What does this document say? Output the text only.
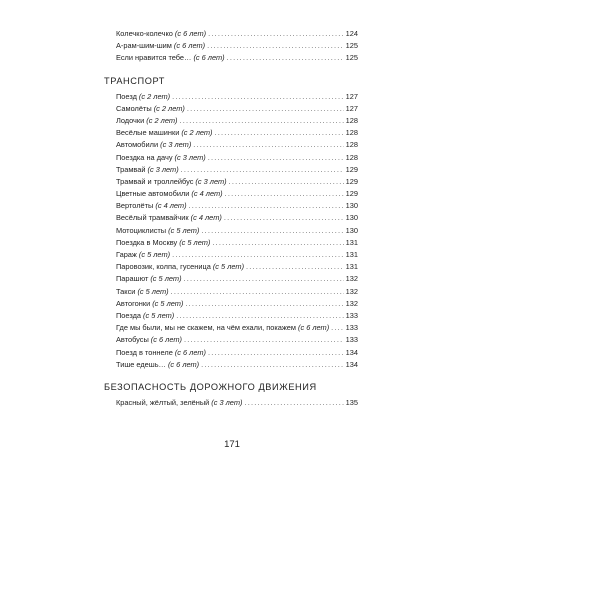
Колечко-колечко (с 6 лет) .....	124
А-рам-шим-шим (с 6 лет) .....	125
Если нравится тебе… (с 6 лет) .....	125
ТРАНСПОРТ
Поезд (с 2 лет) .....	127
Самолёты (с 2 лет) .....	127
Лодочки (с 2 лет) .....	128
Весёлые машинки (с 2 лет) .....	128
Автомобили (с 3 лет) .....	128
Поездка на дачу (с 3 лет) .....	128
Трамвай (с 3 лет) .....	129
Трамвай и троллейбус (с 3 лет) .....	129
Цветные автомобили (с 4 лет) .....	129
Вертолёты (с 4 лет) .....	130
Весёлый трамвайчик (с 4 лет) .....	130
Мотоциклисты (с 5 лет) .....	130
Поездка в Москву (с 5 лет) .....	131
Гараж (с 5 лет) .....	131
Паровозик, колпа, гусеница (с 5 лет) .....	131
Парашют (с 5 лет) .....	132
Такси (с 5 лет) .....	132
Автогонки (с 5 лет) .....	132
Поезда (с 5 лет) .....	133
Где мы были, мы не скажем, на чём ехали, покажем (с 6 лет) ..... 133
Автобусы (с 6 лет) .....	133
Поезд в тоннеле (с 6 лет) .....	134
Тише едешь… (с 6 лет) .....	134
БЕЗОПАСНОСТЬ ДОРОЖНОГО ДВИЖЕНИЯ
Красный, жёлтый, зелёный (с 3 лет) .....	135
171
